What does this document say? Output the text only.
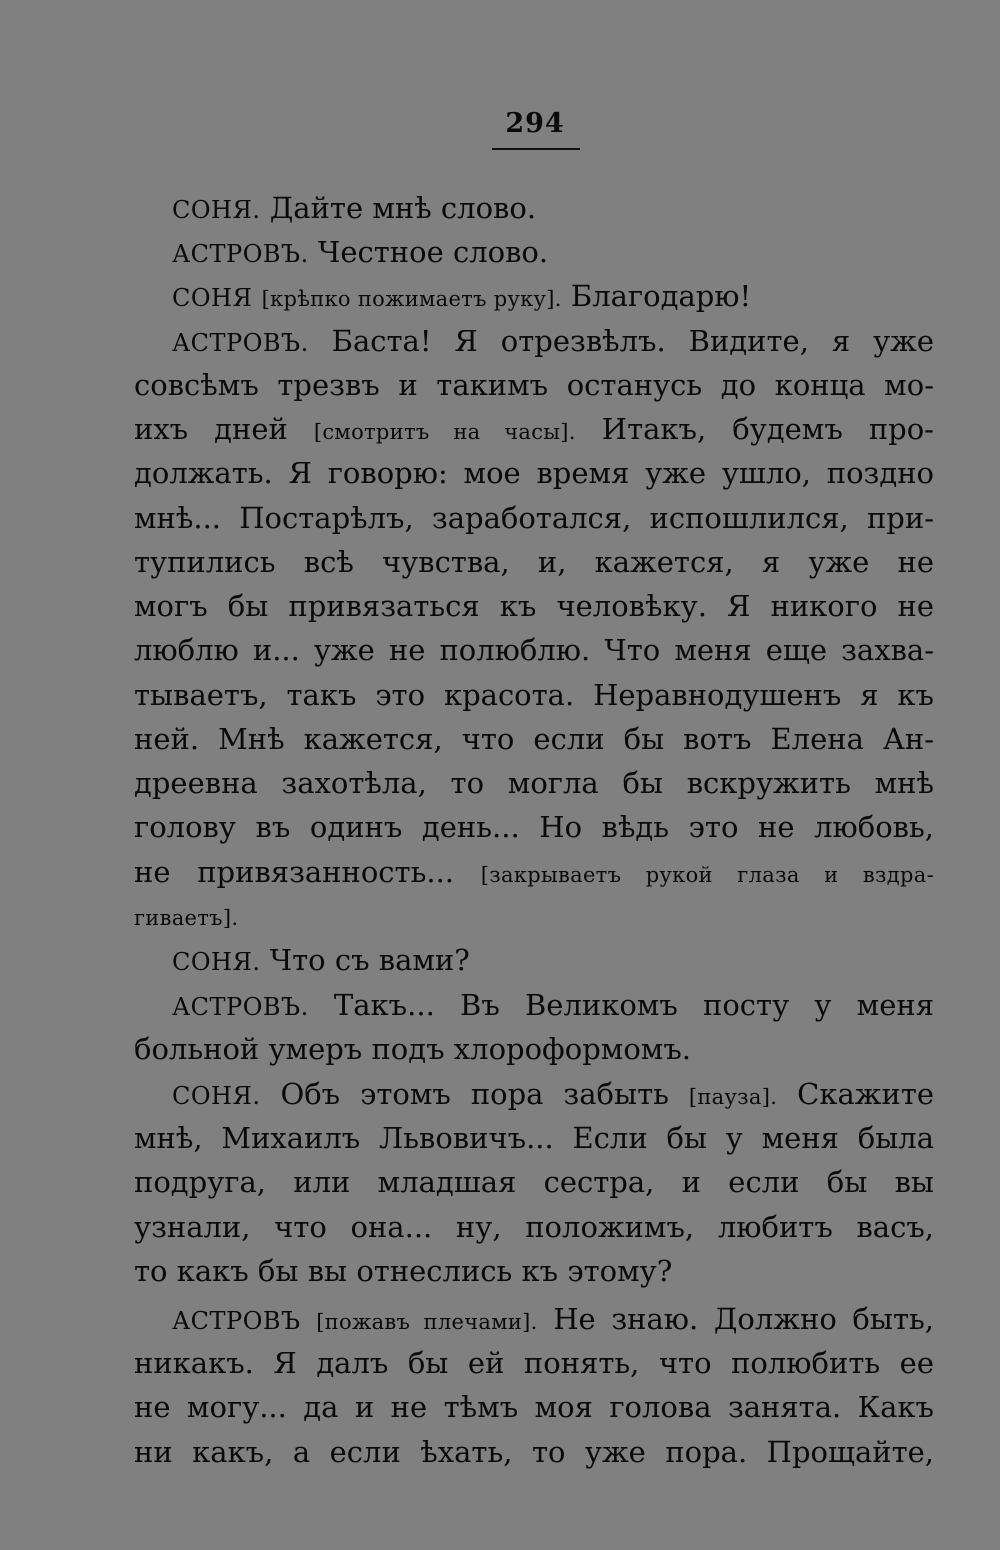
294
СОНЯ. Дайте мнѣ слово.
АСТРОВЪ. Честное слово.
СОНЯ [крѣпко пожимаетъ руку]. Благодарю!
АСТРОВЪ. Баста! Я отрезвѣлъ. Видите, я уже
совсѣмъ трезвъ и такимъ останусь до конца мо-
ихъ дней [смотритъ на часы]. Итакъ, будемъ про-
должать. Я говорю: мое время уже ушло, поздно
мнѣ... Постарѣлъ, заработался, испошлился, при-
тупились всѣ чувства, и, кажется, я уже не
могъ бы привязаться къ человѣку. Я никого не
люблю и... уже не полюблю. Что меня еще захва-
тываетъ, такъ это красота. Неравнодушенъ я къ
ней. Мнѣ кажется, что если бы вотъ Елена Ан-
дреевна захотѣла, то могла бы вскружить мнѣ
голову въ одинъ день... Но вѣдь это не любовь,
не привязанность... [закрываетъ рукой глаза и вздра-
гиваетъ].
СОНЯ. Что съ вами?
АСТРОВЪ. Такъ... Въ Великомъ посту у меня
больной умеръ подъ хлороформомъ.
СОНЯ. Объ этомъ пора забыть [пауза]. Скажите
мнѣ, Михаилъ Львовичъ... Если бы у меня была
подруга, или младшая сестра, и если бы вы
узнали, что она... ну, положимъ, любитъ васъ,
то какъ бы вы отнеслись къ этому?
АСТРОВЪ [пожавъ плечами]. Не знаю. Должно быть,
никакъ. Я далъ бы ей понять, что полюбить ее
не могу... да и не тѣмъ моя голова занята. Какъ
ни какъ, а если ѣхать, то уже пора. Прощайте,
